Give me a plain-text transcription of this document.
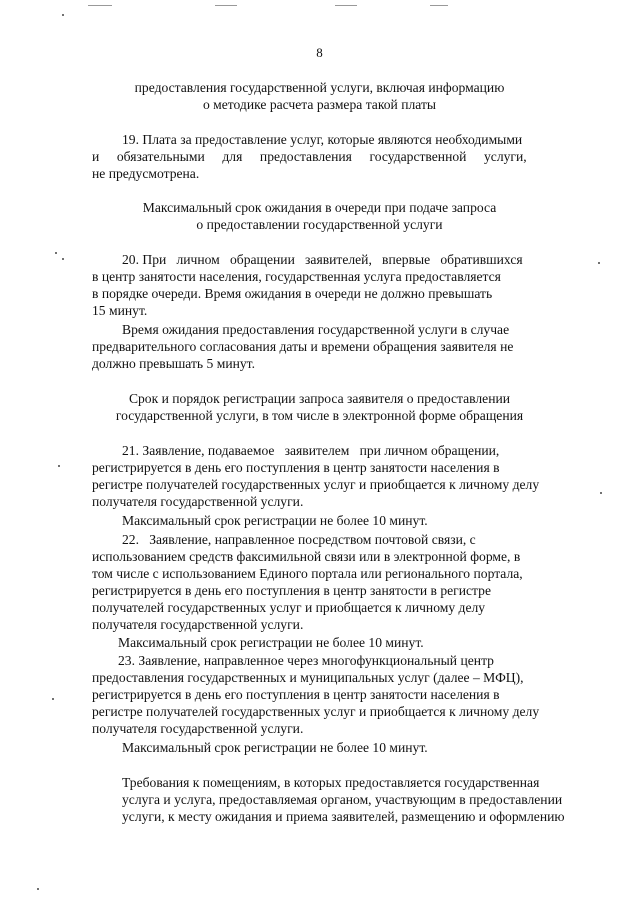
8
предоставления государственной услуги, включая информацию
о методике расчета размера такой платы
19. Плата за предоставление услуг, которые являются необходимыми
и    обязательными    для    предоставления    государственной    услуги,
не предусмотрена.
Максимальный срок ожидания в очереди при подаче запроса
о предоставлении государственной услуги
20. При   личном   обращении   заявителей,   впервые   обратившихся
в центр занятости населения, государственная услуга предоставляется
в порядке очереди. Время ожидания в очереди не должно превышать
15 минут.
Время ожидания предоставления государственной услуги в случае
предварительного согласования даты и времени обращения заявителя не
должно превышать 5 минут.
Срок и порядок регистрации запроса заявителя о предоставлении
государственной услуги, в том числе в электронной форме обращения
21. Заявление, подаваемое   заявителем   при личном обращении,
регистрируется в день его поступления в центр занятости населения в
регистре получателей государственных услуг и приобщается к личному делу
получателя государственной услуги.
Максимальный срок регистрации не более 10 минут.
22.   Заявление, направленное посредством почтовой связи, с
использованием средств факсимильной связи или в электронной форме, в
том числе с использованием Единого портала или регионального портала,
регистрируется в день его поступления в центр занятости в регистре
получателей государственных услуг и приобщается к личному делу
получателя государственной услуги.
Максимальный срок регистрации не более 10 минут.
23. Заявление, направленное через многофункциональный центр
предоставления государственных и муниципальных услуг (далее – МФЦ),
регистрируется в день его поступления в центр занятости населения в
регистре получателей государственных услуг и приобщается к личному делу
получателя государственной услуги.
Максимальный срок регистрации не более 10 минут.
Требования к помещениям, в которых предоставляется государственная
услуга и услуга, предоставляемая органом, участвующим в предоставлении
услуги, к месту ожидания и приема заявителей, размещению и оформлению
